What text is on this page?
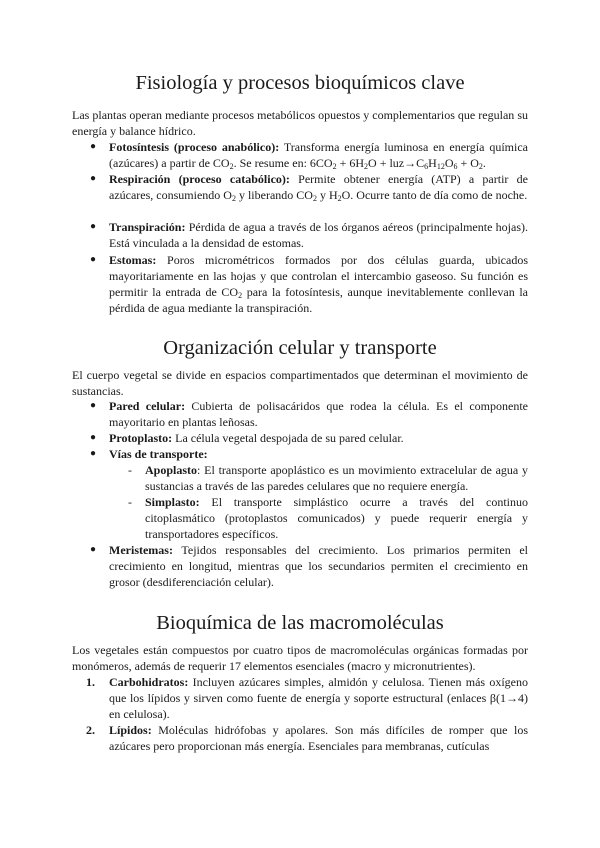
Fisiología y procesos bioquímicos clave

Las plantas operan mediante procesos metabólicos opuestos y complementarios que regulan su energía y balance hídrico.

● Fotosíntesis (proceso anabólico): Transforma energía luminosa en energía química (azúcares) a partir de $CO_2$. Se resume en: $6CO_2 + 6H_2O + luz\to C_6H_{12}O_6 + O_2$.

● Respiración (proceso catabólico): Permite obtener energía (ATP) a partir de azúcares, consumiendo $O_2$ y liberando $CO_2$ y $H_2O$. Ocurre tanto de día como de noche.

● Transpiración: Pérdida de agua a través de los órganos aéreos (principalmente hojas). Está vinculada a la densidad de estomas.

● Estomas: Poros micrométricos formados por dos células guarda, ubicados mayoritariamente en las hojas y que controlan el intercambio gaseoso. Su función es permitir la entrada de $CO_2$ para la fotosíntesis, aunque inevitablemente conllevan la pérdida de agua mediante la transpiración.

Organización celular y transporte

El cuerpo vegetal se divide en espacios compartimentados que determinan el movimiento de sustancias.

● Pared celular: Cubierta de polisacáridos que rodea la célula. Es el componente mayoritario en plantas leñosas.

● Protoplasto: La célula vegetal despojada de su pared celular.

● Vías de transporte:

- Apoplasto: El transporte apoplástico es un movimiento extracelular de agua y sustancias a través de las paredes celulares que no requiere energía.

- Simplasto: El transporte simplástico ocurre a través del continuo citoplasmático (protoplastos comunicados) y puede requerir energía y transportadores específicos.

● Meristemas: Tejidos responsables del crecimiento. Los primarios permiten el crecimiento en longitud, mientras que los secundarios permiten el crecimiento en grosor (desdiferenciación celular).

Bioquímica de las macromoléculas

Los vegetales están compuestos por cuatro tipos de macromoléculas orgánicas formadas por monómeros, además de requerir 17 elementos esenciales (macro y micronutrientes).

1. Carbohidratos: Incluyen azúcares simples, almidón y celulosa. Tienen más oxígeno que los lípidos y sirven como fuente de energía y soporte estructural (enlaces β(1→4) en celulosa).

2. Lípidos: Moléculas hidrófobas y apolares. Son más difíciles de romper que los azúcares pero proporcionan más energía. Esenciales para membranas, cutículas
